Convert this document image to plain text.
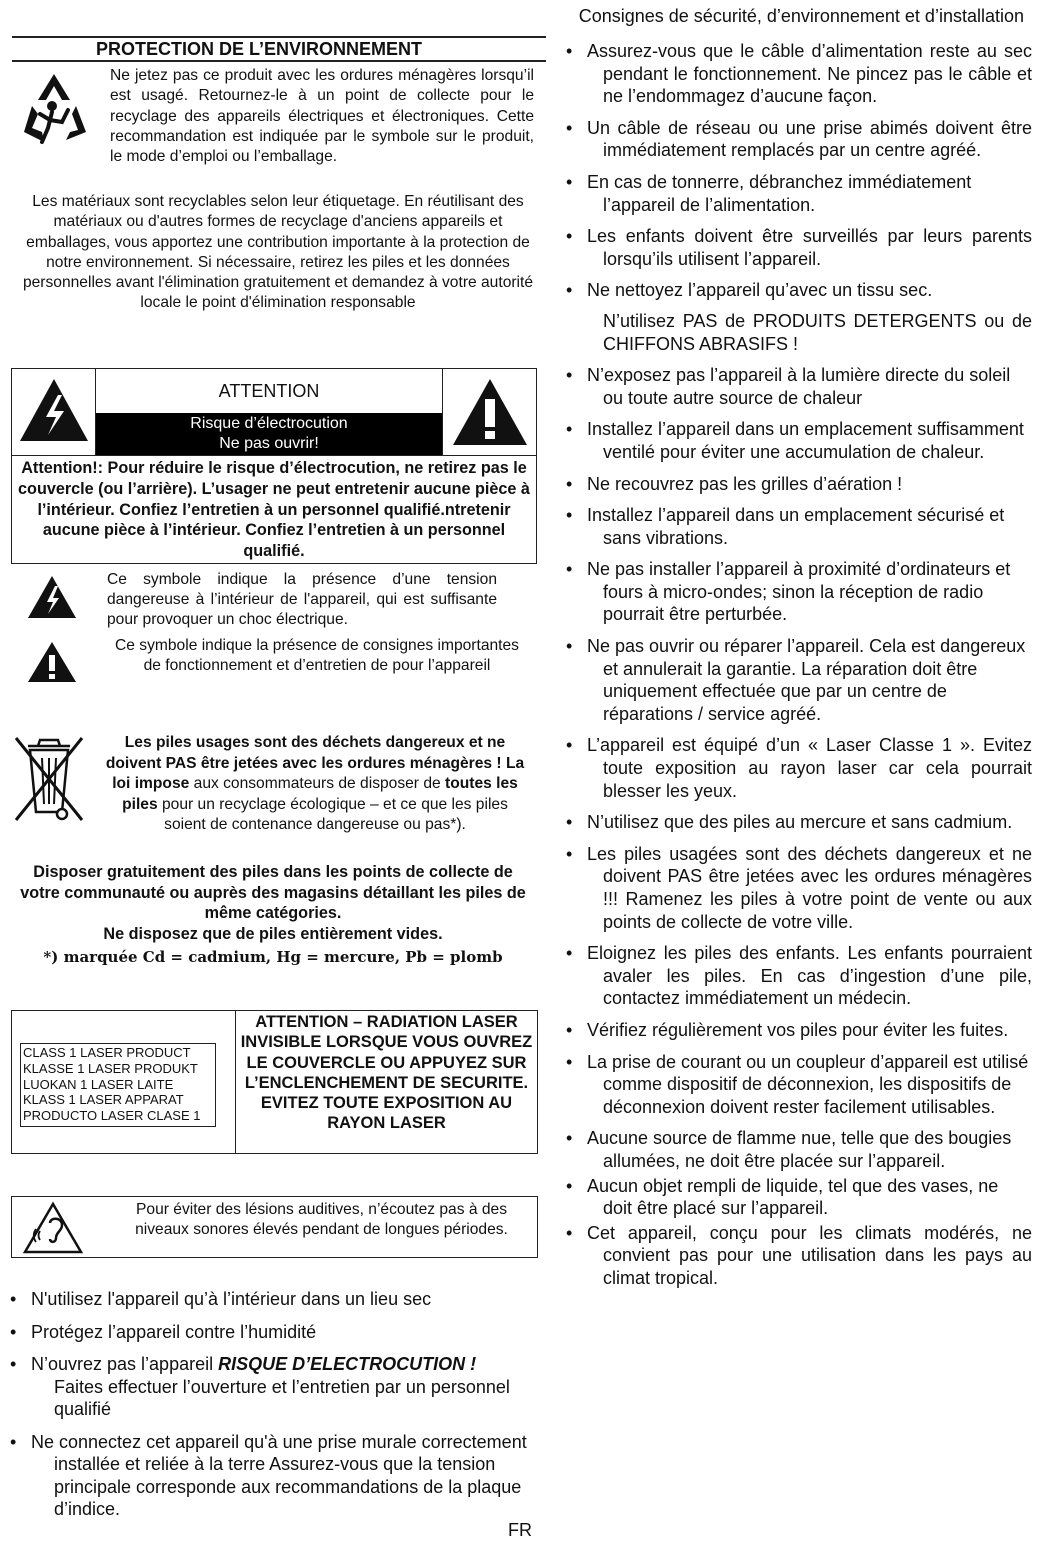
Consignes de sécurité, d’environnement et d’installation
PROTECTION DE L’ENVIRONNEMENT
Ne jetez pas ce produit avec les ordures ménagères lorsqu’il est usagé. Retournez-le à un point de collecte pour le recyclage des appareils électriques et électroniques. Cette recommandation est indiquée par le symbole sur le produit, le mode d’emploi ou l’emballage.
Les matériaux sont recyclables selon leur étiquetage. En réutilisant des matériaux ou d'autres formes de recyclage d'anciens appareils et emballages, vous apportez une contribution importante à la protection de notre environnement. Si nécessaire, retirez les piles et les données personnelles avant l'élimination gratuitement et demandez à votre autorité locale le point d'élimination responsable
ATTENTION
Risque d’électrocution
Ne pas ouvrir!
Attention!: Pour réduire le risque d’électrocution, ne retirez pas le couvercle (ou l’arrière). L’usager ne peut entretenir aucune pièce à l’intérieur. Confiez l’entretien à un personnel qualifié.ntretenir aucune pièce à l’intérieur. Confiez l’entretien à un personnel qualifié.
Ce symbole indique la présence d’une tension dangereuse à l’intérieur de l'appareil, qui est suffisante pour provoquer un choc électrique.
Ce symbole indique la présence de consignes importantes de fonctionnement et d’entretien de pour l’appareil
Les piles usages sont des déchets dangereux et ne doivent PAS être jetées avec les ordures ménagères ! La loi impose aux consommateurs de disposer de toutes les piles pour un recyclage écologique – et ce que les piles soient de contenance dangereuse ou pas*).
Disposer gratuitement des piles dans les points de collecte de votre communauté ou auprès des magasins détaillant les piles de même catégories.
Ne disposez que de piles entièrement vides.
*) marquée Cd = cadmium, Hg = mercure, Pb = plomb
CLASS 1 LASER PRODUCT
KLASSE 1 LASER PRODUKT
LUOKAN 1 LASER LAITE
KLASS 1 LASER APPARAT
PRODUCTO LASER CLASE 1
ATTENTION – RADIATION LASER INVISIBLE LORSQUE VOUS OUVREZ LE COUVERCLE OU APPUYEZ SUR L’ENCLENCHEMENT DE SECURITE. EVITEZ TOUTE EXPOSITION AU RAYON LASER
Pour éviter des lésions auditives, n’écoutez pas à des niveaux sonores élevés pendant de longues périodes.
• N'utilisez l'appareil qu’à l’intérieur dans un lieu sec
• Protégez l’appareil contre l’humidité
• N’ouvrez pas l’appareil RISQUE D’ELECTROCUTION ! Faites effectuer l’ouverture et l’entretien par un personnel qualifié
• Ne connectez cet appareil qu'à une prise murale correctement installée et reliée à la terre Assurez-vous que la tension principale corresponde aux recommandations de la plaque d’indice.
• Assurez-vous que le câble d’alimentation reste au sec pendant le fonctionnement. Ne pincez pas le câble et ne l’endommagez d’aucune façon.
• Un câble de réseau ou une prise abimés doivent être immédiatement remplacés par un centre agréé.
• En cas de tonnerre, débranchez immédiatement l’appareil de l’alimentation.
• Les enfants doivent être surveillés par leurs parents lorsqu’ils utilisent l’appareil.
• Ne nettoyez l’appareil qu’avec un tissu sec.
N’utilisez PAS de PRODUITS DETERGENTS ou de CHIFFONS ABRASIFS !
• N’exposez pas l’appareil à la lumière directe du soleil ou toute autre source de chaleur
• Installez l’appareil dans un emplacement suffisamment ventilé pour éviter une accumulation de chaleur.
• Ne recouvrez pas les grilles d’aération !
• Installez l’appareil dans un emplacement sécurisé et sans vibrations.
• Ne pas installer l’appareil à proximité d’ordinateurs et fours à micro-ondes; sinon la réception de radio pourrait être perturbée.
• Ne pas ouvrir ou réparer l’appareil. Cela est dangereux et annulerait la garantie. La réparation doit être uniquement effectuée que par un centre de réparations / service agréé.
• L’appareil est équipé d’un « Laser Classe 1 ». Evitez toute exposition au rayon laser car cela pourrait blesser les yeux.
• N’utilisez que des piles au mercure et sans cadmium.
• Les piles usagées sont des déchets dangereux et ne doivent PAS être jetées avec les ordures ménagères !!! Ramenez les piles à votre point de vente ou aux points de collecte de votre ville.
• Eloignez les piles des enfants. Les enfants pourraient avaler les piles. En cas d’ingestion d’une pile, contactez immédiatement un médecin.
• Vérifiez régulièrement vos piles pour éviter les fuites.
• La prise de courant ou un coupleur d’appareil est utilisé comme dispositif de déconnexion, les dispositifs de déconnexion doivent rester facilement utilisables.
• Aucune source de flamme nue, telle que des bougies allumées, ne doit être placée sur l’appareil.
• Aucun objet rempli de liquide, tel que des vases, ne doit être placé sur l’appareil.
• Cet appareil, conçu pour les climats modérés, ne convient pas pour une utilisation dans les pays au climat tropical.
FR
